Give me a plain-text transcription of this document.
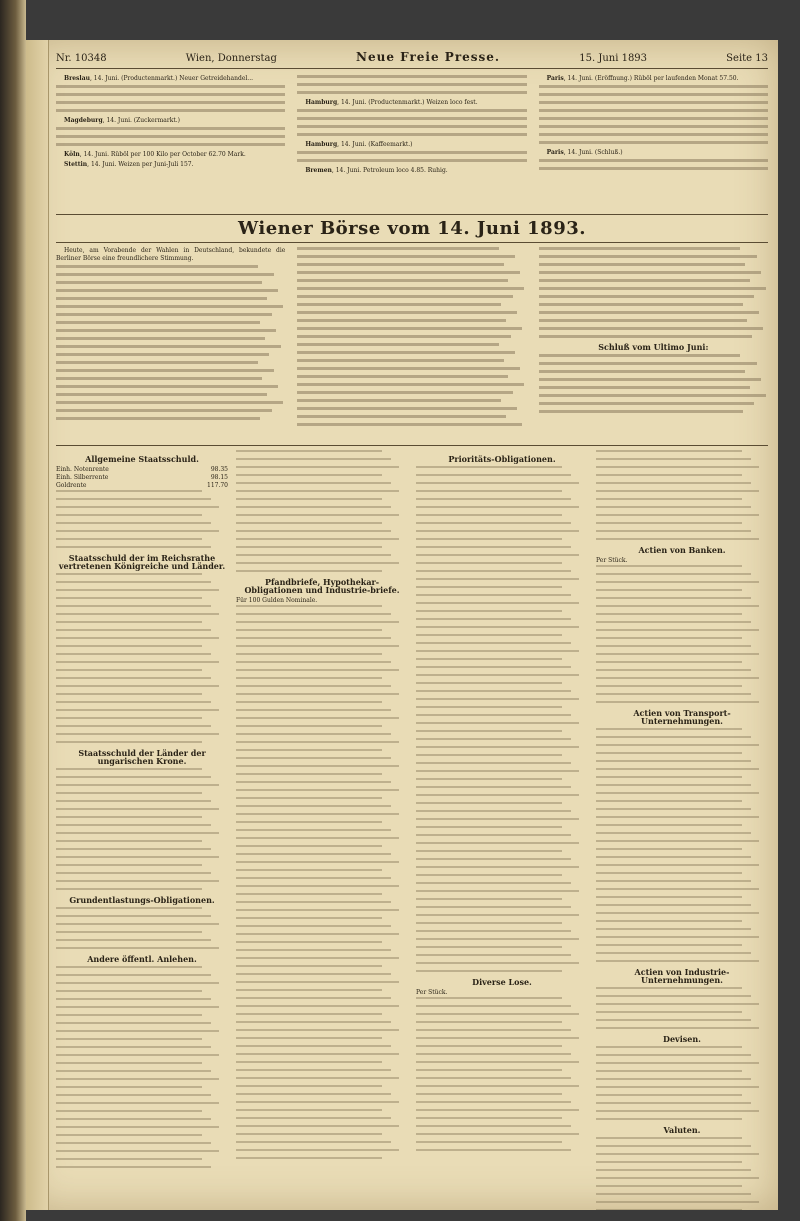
Nr. 10348	Wien, Donnerstag	Neue Freie Presse.	15. Juni 1893	Seite 13

Breslau, 14. Juni. (Productenmarkt.) Neuer Getreidehandel...

Magdeburg, 14. Juni. (Zuckermarkt.)

Köln, 14. Juni. Rüböl per 100 Kilo per October 62.70 Mark.

Stettin, 14. Juni. Weizen per Juni-Juli 157.

Hamburg, 14. Juni. (Productenmarkt.) Weizen loco fest.

Hamburg, 14. Juni. (Kaffeemarkt.)

Bremen, 14. Juni. Petroleum loco 4.85. Ruhig.

Paris, 14. Juni. (Eröffnung.) Rüböl per laufenden Monat 57.50.

Paris, 14. Juni. (Schluß.)

Wiener Börse vom 14. Juni 1893.

Heute, am Vorabende der Wahlen in Deutschland, bekundete die Berliner Börse eine freundlichere Stimmung.

Schluß vom Ultimo Juni:
Allgemeine Staatsschuld.
Einh. Notenrente	98.35
Einh. Silberrente	98.15
Goldrente	117.70
Staatsschuld der im Reichsrathe vertretenen Königreiche und Länder.
Staatsschuld der Länder der ungarischen Krone.
Grundentlastungs-Obligationen.
Andere öffentl. Anlehen.
Pfandbriefe, Hypothekar-Obligationen und Industrie-briefe.
Für 100 Gulden Nominale.
Prioritäts-Obligationen.
Diverse Lose.
Per Stück.
Actien von Banken.
Per Stück.
Actien von Transport-Unternehmungen.
Actien von Industrie-Unternehmungen.
Devisen.
Valuten.
